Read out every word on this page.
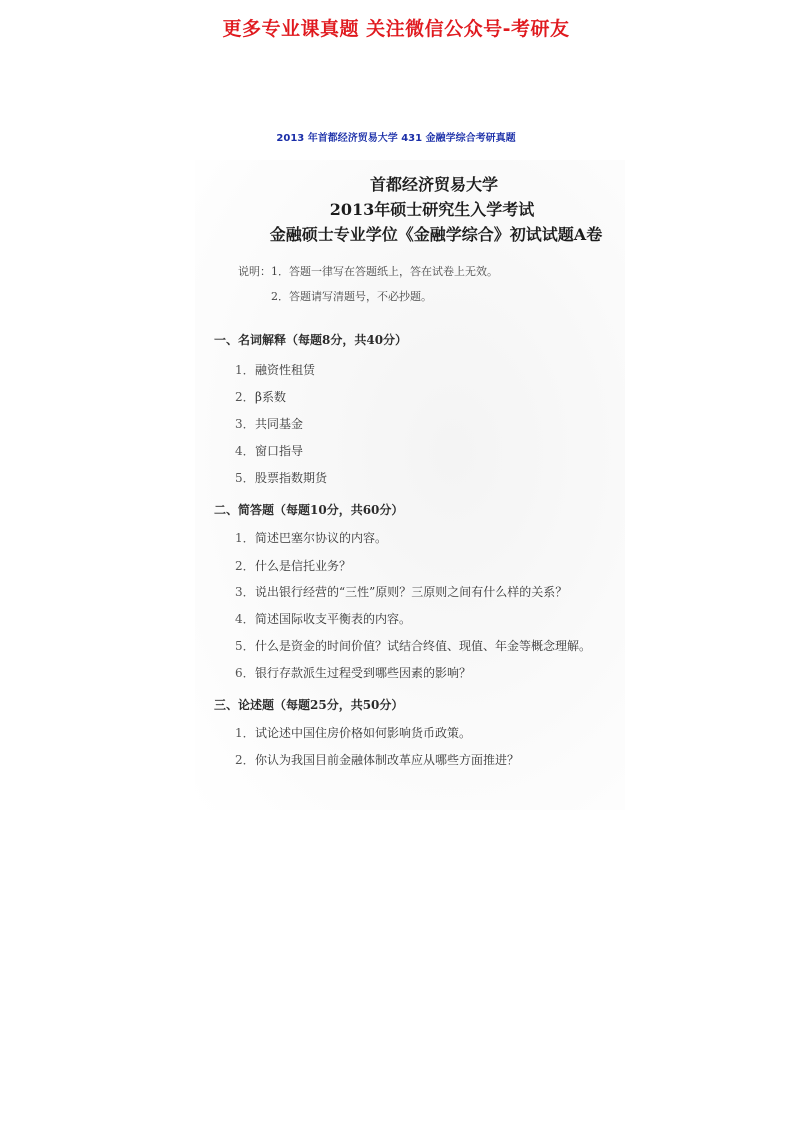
更多专业课真题 关注微信公众号-考研友
2013 年首都经济贸易大学 431 金融学综合考研真题
首都经济贸易大学
2013年硕士研究生入学考试
金融硕士专业学位《金融学综合》初试试题A卷
说明：1．答题一律写在答题纸上，答在试卷上无效。
2．答题请写清题号，不必抄题。
一、名词解释（每题8分，共40分）
1．融资性租赁
2．β系数
3．共同基金
4．窗口指导
5．股票指数期货
二、简答题（每题10分，共60分）
1．简述巴塞尔协议的内容。
2．什么是信托业务？
3．说出银行经营的“三性”原则？三原则之间有什么样的关系？
4．简述国际收支平衡表的内容。
5．什么是资金的时间价值？试结合终值、现值、年金等概念理解。
6．银行存款派生过程受到哪些因素的影响？
三、论述题（每题25分，共50分）
1．试论述中国住房价格如何影响货币政策。
2．你认为我国目前金融体制改革应从哪些方面推进？
